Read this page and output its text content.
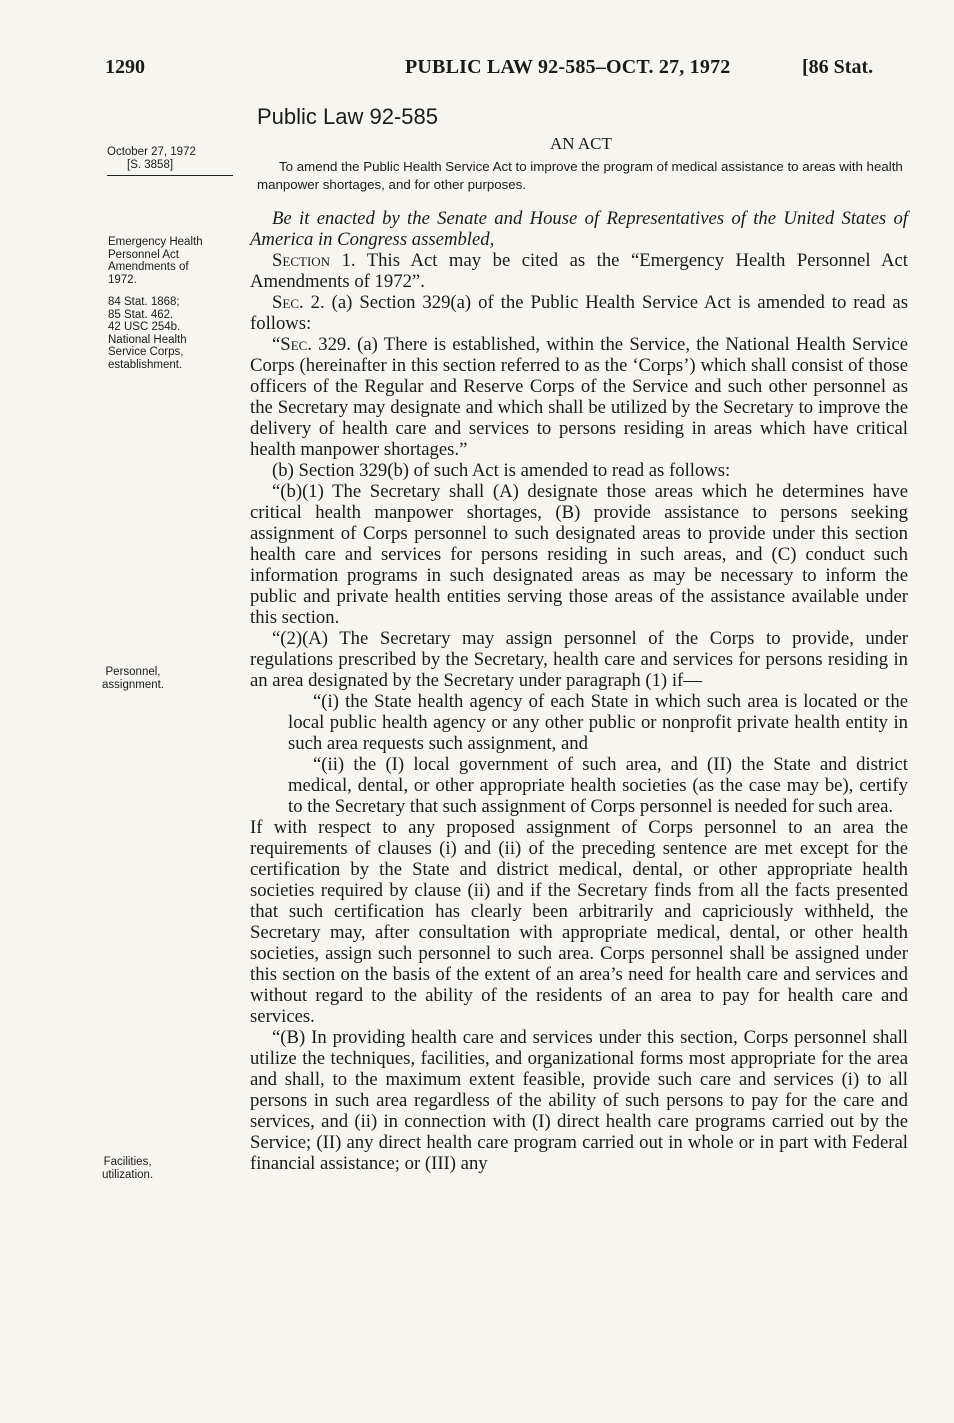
1290	PUBLIC LAW 92-585–OCT. 27, 1972	[86 Stat.
Public Law 92-585
October 27, 1972
[S. 3858]
AN ACT
To amend the Public Health Service Act to improve the program of medical assistance to areas with health manpower shortages, and for other purposes.
Emergency Health
Personnel Act
Amendments of
1972.
84 Stat. 1868;
85 Stat. 462.
42 USC 254b.
National Health
Service Corps,
establishment.
Personnel,
assignment.
Facilities,
utilization.

Be it enacted by the Senate and House of Representatives of the United States of America in Congress assembled,

Section 1. This Act may be cited as the “Emergency Health Personnel Act Amendments of 1972”.

Sec. 2. (a) Section 329(a) of the Public Health Service Act is amended to read as follows:

“Sec. 329. (a) There is established, within the Service, the National Health Service Corps (hereinafter in this section referred to as the ‘Corps’) which shall consist of those officers of the Regular and Reserve Corps of the Service and such other personnel as the Secretary may designate and which shall be utilized by the Secretary to improve the delivery of health care and services to persons residing in areas which have critical health manpower shortages.”

(b) Section 329(b) of such Act is amended to read as follows:

“(b)(1) The Secretary shall (A) designate those areas which he determines have critical health manpower shortages, (B) provide assistance to persons seeking assignment of Corps personnel to such designated areas to provide under this section health care and services for persons residing in such areas, and (C) conduct such information programs in such designated areas as may be necessary to inform the public and private health entities serving those areas of the assistance available under this section.

“(2)(A) The Secretary may assign personnel of the Corps to provide, under regulations prescribed by the Secretary, health care and services for persons residing in an area designated by the Secretary under paragraph (1) if—

“(i) the State health agency of each State in which such area is located or the local public health agency or any other public or nonprofit private health entity in such area requests such assignment, and

“(ii) the (I) local government of such area, and (II) the State and district medical, dental, or other appropriate health societies (as the case may be), certify to the Secretary that such assignment of Corps personnel is needed for such area.

If with respect to any proposed assignment of Corps personnel to an area the requirements of clauses (i) and (ii) of the preceding sentence are met except for the certification by the State and district medical, dental, or other appropriate health societies required by clause (ii) and if the Secretary finds from all the facts presented that such certification has clearly been arbitrarily and capriciously withheld, the Secretary may, after consultation with appropriate medical, dental, or other health societies, assign such personnel to such area. Corps personnel shall be assigned under this section on the basis of the extent of an area’s need for health care and services and without regard to the ability of the residents of an area to pay for health care and services.

“(B) In providing health care and services under this section, Corps personnel shall utilize the techniques, facilities, and organizational forms most appropriate for the area and shall, to the maximum extent feasible, provide such care and services (i) to all persons in such area regardless of the ability of such persons to pay for the care and services, and (ii) in connection with (I) direct health care programs carried out by the Service; (II) any direct health care program carried out in whole or in part with Federal financial assistance; or (III) any
